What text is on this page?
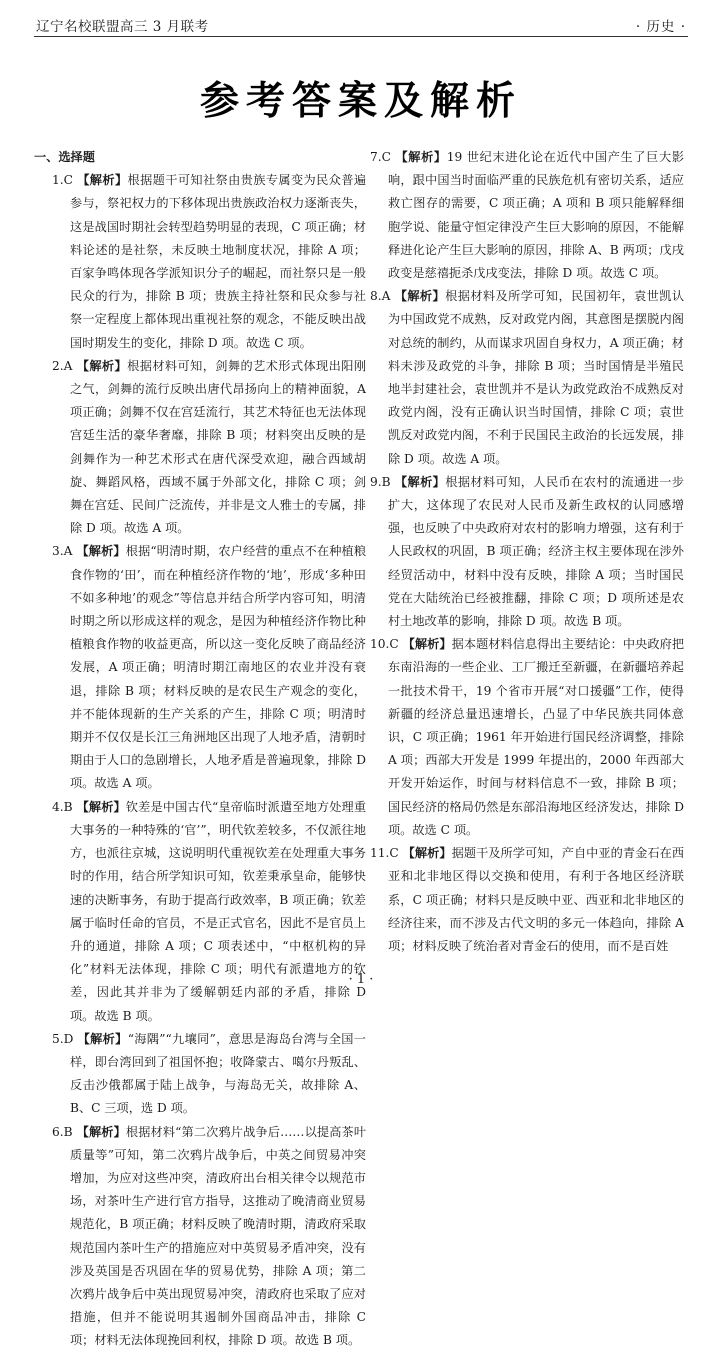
辽宁名校联盟高三 3 月联考	· 历史 ·
参考答案及解析

一、选择题

1.C 【解析】根据题干可知社祭由贵族专属变为民众普遍参与，祭祀权力的下移体现出贵族政治权力逐渐丧失，这是战国时期社会转型趋势明显的表现，C 项正确；材料论述的是社祭，未反映土地制度状况，排除 A 项；百家争鸣体现各学派知识分子的崛起，而社祭只是一般民众的行为，排除 B 项；贵族主持社祭和民众参与社祭一定程度上都体现出重视社祭的观念，不能反映出战国时期发生的变化，排除 D 项。故选 C 项。

2.A 【解析】根据材料可知，剑舞的艺术形式体现出阳刚之气，剑舞的流行反映出唐代昂扬向上的精神面貌，A 项正确；剑舞不仅在宫廷流行，其艺术特征也无法体现宫廷生活的豪华奢靡，排除 B 项；材料突出反映的是剑舞作为一种艺术形式在唐代深受欢迎，融合西域胡旋、舞蹈风格，西域不属于外部文化，排除 C 项；剑舞在宫廷、民间广泛流传，并非是文人雅士的专属，排除 D 项。故选 A 项。

3.A 【解析】根据“明清时期，农户经营的重点不在种植粮食作物的‘田’，而在种植经济作物的‘地’，形成‘多种田不如多种地’的观念”等信息并结合所学内容可知，明清时期之所以形成这样的观念，是因为种植经济作物比种植粮食作物的收益更高，所以这一变化反映了商品经济发展，A 项正确；明清时期江南地区的农业并没有衰退，排除 B 项；材料反映的是农民生产观念的变化，并不能体现新的生产关系的产生，排除 C 项；明清时期并不仅仅是长江三角洲地区出现了人地矛盾，清朝时期由于人口的急剧增长，人地矛盾是普遍现象，排除 D 项。故选 A 项。

4.B 【解析】钦差是中国古代“皇帝临时派遣至地方处理重大事务的一种特殊的‘官’”，明代钦差较多，不仅派往地方，也派往京城，这说明明代重视钦差在处理重大事务时的作用，结合所学知识可知，钦差秉承皇命，能够快速的决断事务，有助于提高行政效率，B 项正确；钦差属于临时任命的官员，不是正式官名，因此不是官员上升的通道，排除 A 项；C 项表述中，“中枢机构的异化”材料无法体现，排除 C 项；明代有派遣地方的钦差，因此其并非为了缓解朝廷内部的矛盾，排除 D 项。故选 B 项。

5.D 【解析】“海隅”“九壤同”，意思是海岛台湾与全国一样，即台湾回到了祖国怀抱；收降蒙古、噶尔丹叛乱、反击沙俄都属于陆上战争，与海岛无关，故排除 A、B、C 三项，选 D 项。

6.B 【解析】根据材料“第二次鸦片战争后……以提高茶叶质量等”可知，第二次鸦片战争后，中英之间贸易冲突增加，为应对这些冲突，清政府出台相关律令以规范市场，对茶叶生产进行官方指导，这推动了晚清商业贸易规范化，B 项正确；材料反映了晚清时期，清政府采取规范国内茶叶生产的措施应对中英贸易矛盾冲突，没有涉及英国是否巩固在华的贸易优势，排除 A 项；第二次鸦片战争后中英出现贸易冲突，清政府也采取了应对措施，但并不能说明其遏制外国商品冲击，排除 C 项；材料无法体现挽回利权，排除 D 项。故选 B 项。

7.C 【解析】19 世纪末进化论在近代中国产生了巨大影响，跟中国当时面临严重的民族危机有密切关系，适应救亡图存的需要，C 项正确；A 项和 B 项只能解释细胞学说、能量守恒定律没产生巨大影响的原因，不能解释进化论产生巨大影响的原因，排除 A、B 两项；戊戌政变是慈禧扼杀戊戌变法，排除 D 项。故选 C 项。

8.A 【解析】根据材料及所学可知，民国初年，袁世凯认为中国政党不成熟，反对政党内阁，其意图是摆脱内阁对总统的制约，从而谋求巩固自身权力，A 项正确；材料未涉及政党的斗争，排除 B 项；当时国情是半殖民地半封建社会，袁世凯并不是认为政党政治不成熟反对政党内阁，没有正确认识当时国情，排除 C 项；袁世凯反对政党内阁，不利于民国民主政治的长远发展，排除 D 项。故选 A 项。

9.B 【解析】根据材料可知，人民币在农村的流通进一步扩大，这体现了农民对人民币及新生政权的认同感增强，也反映了中央政府对农村的影响力增强，这有利于人民政权的巩固，B 项正确；经济主权主要体现在涉外经贸活动中，材料中没有反映，排除 A 项；当时国民党在大陆统治已经被推翻，排除 C 项；D 项所述是农村土地改革的影响，排除 D 项。故选 B 项。

10.C 【解析】据本题材料信息得出主要结论：中央政府把东南沿海的一些企业、工厂搬迁至新疆，在新疆培养起一批技术骨干，19 个省市开展“对口援疆”工作，使得新疆的经济总量迅速增长，凸显了中华民族共同体意识，C 项正确；1961 年开始进行国民经济调整，排除 A 项；西部大开发是 1999 年提出的，2000 年西部大开发开始运作，时间与材料信息不一致，排除 B 项；国民经济的格局仍然是东部沿海地区经济发达，排除 D 项。故选 C 项。

11.C 【解析】据题干及所学可知，产自中亚的青金石在西亚和北非地区得以交换和使用，有利于各地区经济联系，C 项正确；材料只是反映中亚、西亚和北非地区的经济往来，而不涉及古代文明的多元一体趋向，排除 A 项；材料反映了统治者对青金石的使用，而不是百姓

· 1 ·
